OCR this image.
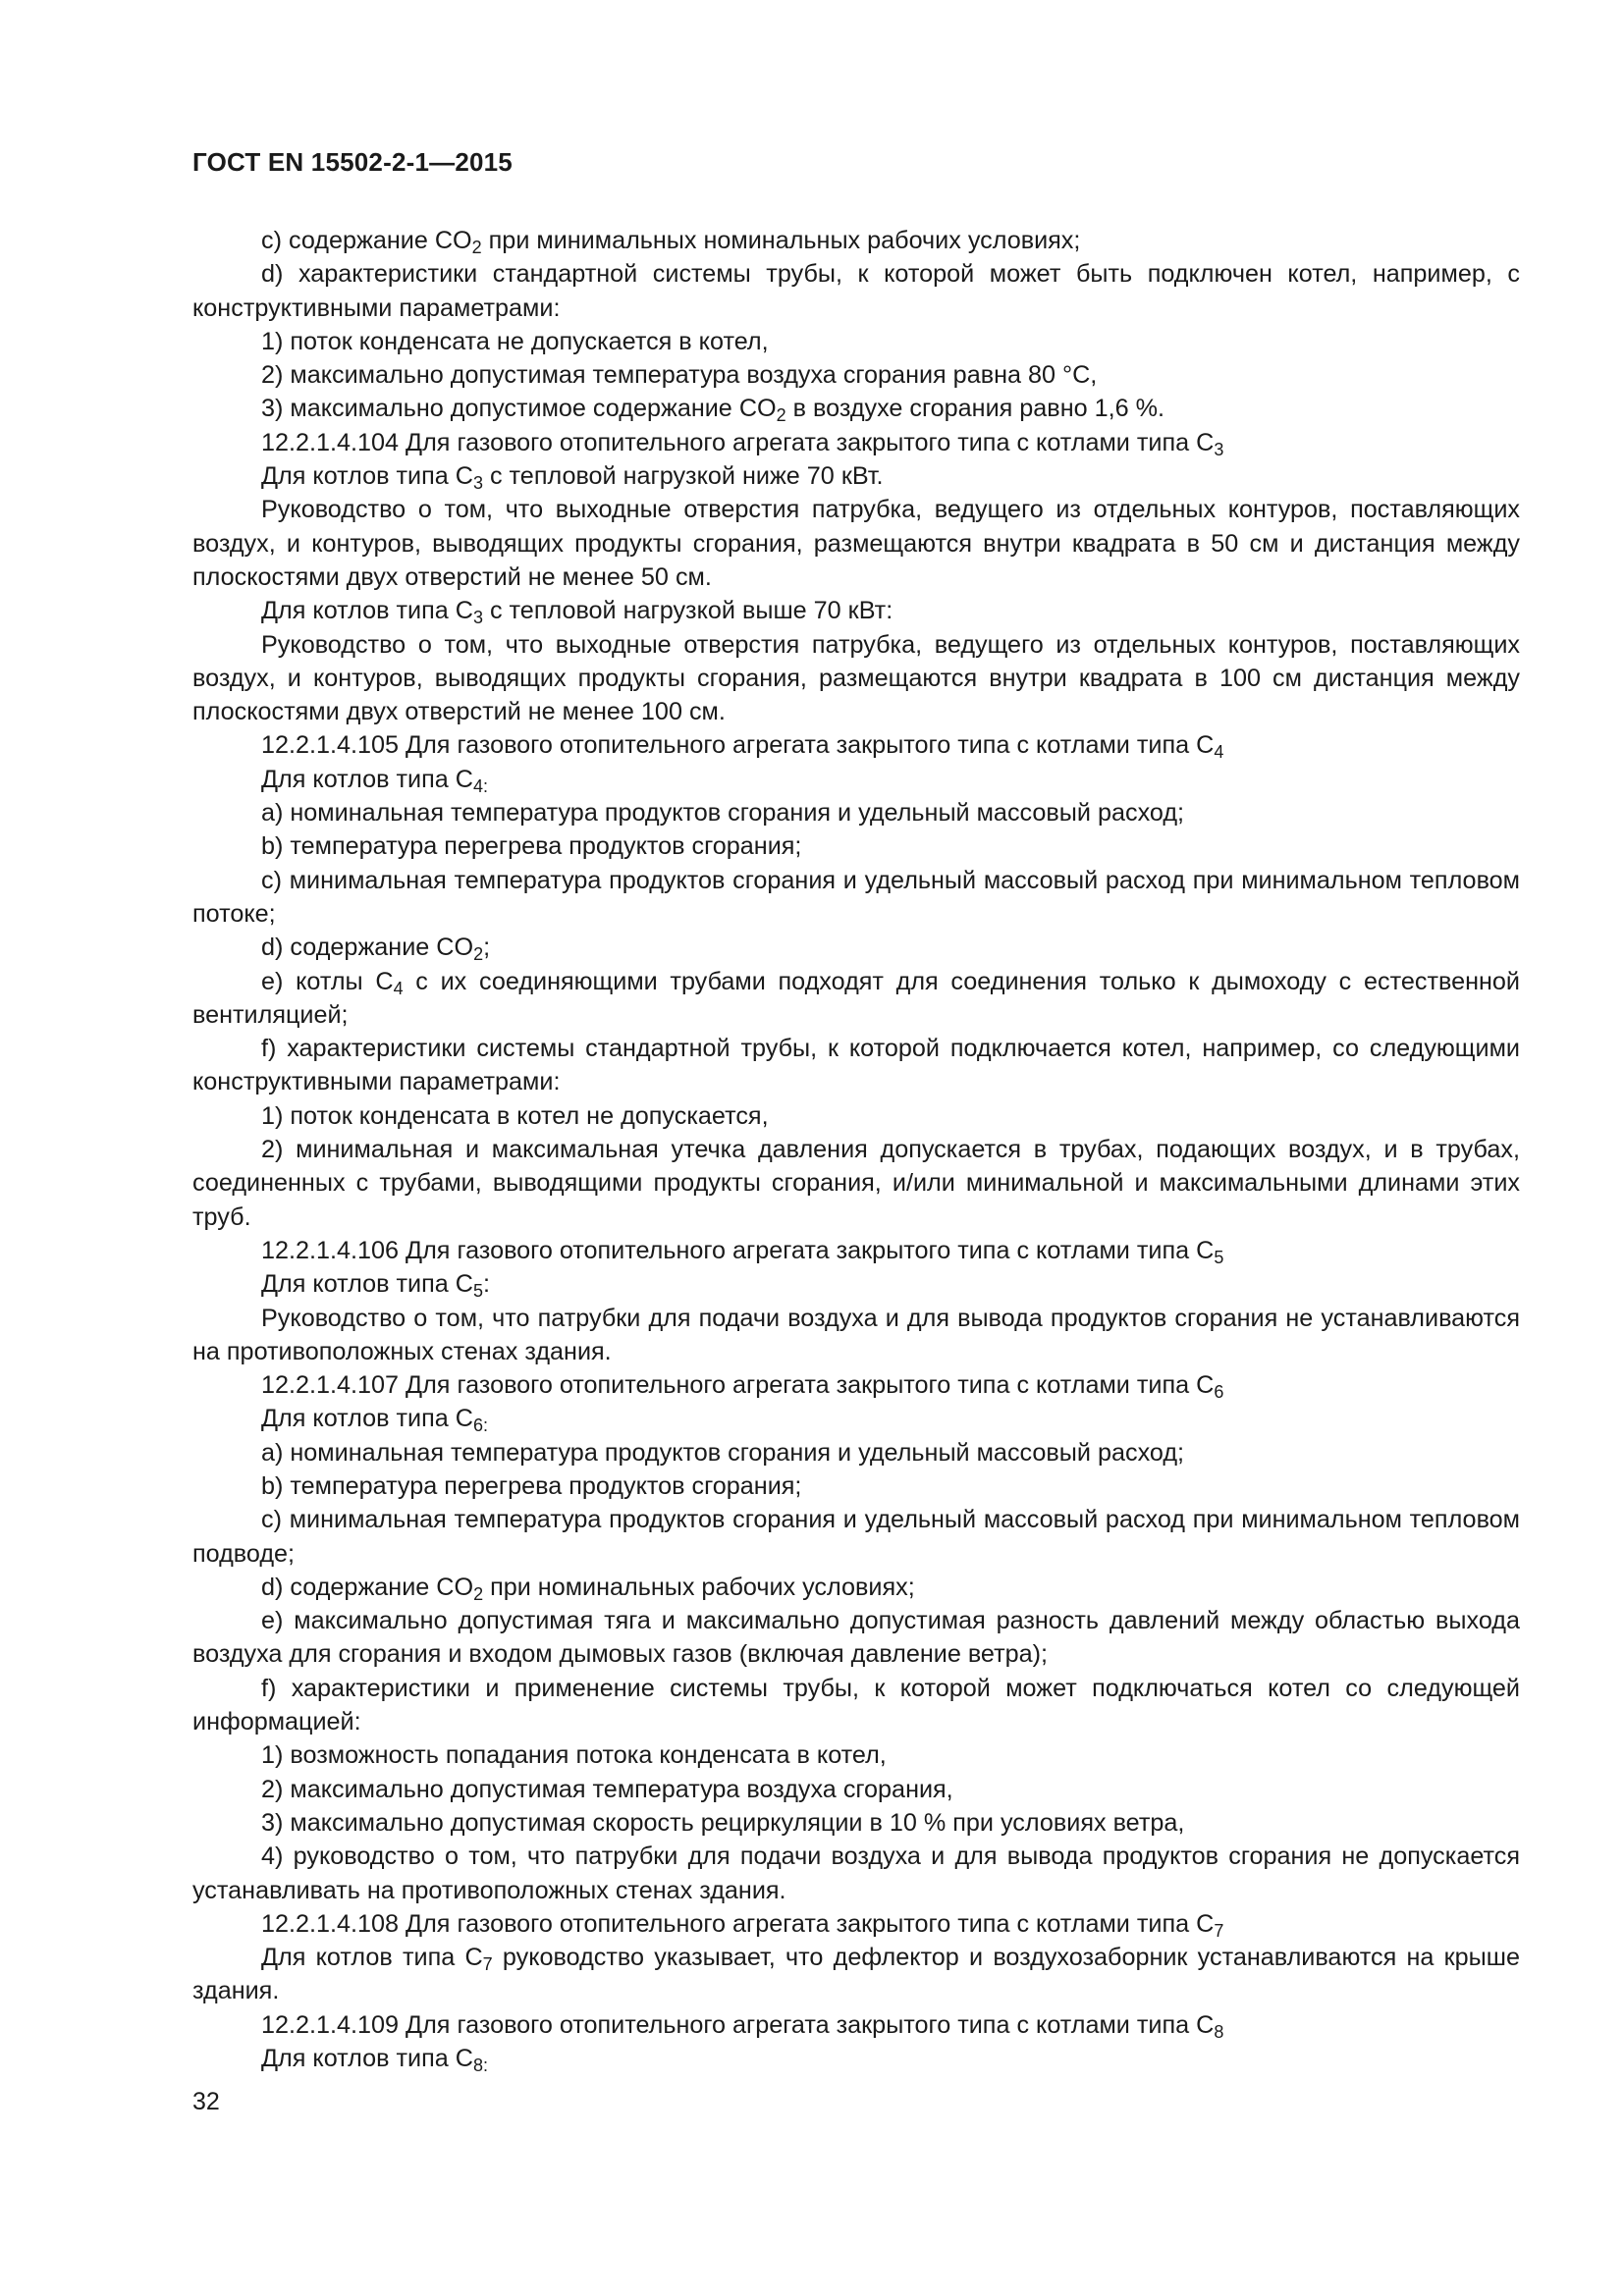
ГОСТ EN 15502-2-1—2015

c) содержание $CO_2$ при минимальных номинальных рабочих условиях;

d) характеристики стандартной системы трубы, к которой может быть подключен котел, например, с конструктивными параметрами:

1) поток конденсата не допускается в котел,

2) максимально допустимая температура воздуха сгорания равна 80 °С,

3) максимально допустимое содержание $CO_2$ в воздухе сгорания равно 1,6 %.

12.2.1.4.104 Для газового отопительного агрегата закрытого типа с котлами типа $C_3$

Для котлов типа $C_3$ с тепловой нагрузкой ниже 70 кВт.

Руководство о том, что выходные отверстия патрубка, ведущего из отдельных контуров, поставляющих воздух, и контуров, выводящих продукты сгорания, размещаются внутри квадрата в 50 см и дистанция между плоскостями двух отверстий не менее 50 см.

Для котлов типа $C_3$ с тепловой нагрузкой выше 70 кВт:

Руководство о том, что выходные отверстия патрубка, ведущего из отдельных контуров, поставляющих воздух, и контуров, выводящих продукты сгорания, размещаются внутри квадрата в 100 см дистанция между плоскостями двух отверстий не менее 100 см.

12.2.1.4.105 Для газового отопительного агрегата закрытого типа с котлами типа $C_4$

Для котлов типа $C_{4:}$

a) номинальная температура продуктов сгорания и удельный массовый расход;

b) температура перегрева продуктов сгорания;

c) минимальная температура продуктов сгорания и удельный массовый расход при минимальном тепловом потоке;

d) содержание $CO_2$;

e) котлы $C_4$ с их соединяющими трубами подходят для соединения только к дымоходу с естественной вентиляцией;

f) характеристики системы стандартной трубы, к которой подключается котел, например, со следующими конструктивными параметрами:

1) поток конденсата в котел не допускается,

2) минимальная и максимальная утечка давления допускается в трубах, подающих воздух, и в трубах, соединенных с трубами, выводящими продукты сгорания, и/или минимальной и максимальными длинами этих труб.

12.2.1.4.106 Для газового отопительного агрегата закрытого типа с котлами типа $C_5$

Для котлов типа $C_5$:

Руководство о том, что патрубки для подачи воздуха и для вывода продуктов сгорания не устанавливаются на противоположных стенах здания.

12.2.1.4.107 Для газового отопительного агрегата закрытого типа с котлами типа $C_6$

Для котлов типа $C_{6:}$

a) номинальная температура продуктов сгорания и удельный массовый расход;

b) температура перегрева продуктов сгорания;

c) минимальная температура продуктов сгорания и удельный массовый расход при минимальном тепловом подводе;

d) содержание $CO_2$ при номинальных рабочих условиях;

e) максимально допустимая тяга и максимально допустимая разность давлений между областью выхода воздуха для сгорания и входом дымовых газов (включая давление ветра);

f) характеристики и применение системы трубы, к которой может подключаться котел со следующей информацией:

1) возможность попадания потока конденсата в котел,

2) максимально допустимая температура воздуха сгорания,

3) максимально допустимая скорость рециркуляции в 10 % при условиях ветра,

4) руководство о том, что патрубки для подачи воздуха и для вывода продуктов сгорания не допускается устанавливать на противоположных стенах здания.

12.2.1.4.108 Для газового отопительного агрегата закрытого типа с котлами типа $C_7$

Для котлов типа $C_7$ руководство указывает, что дефлектор и воздухозаборник устанавливаются на крыше здания.

12.2.1.4.109 Для газового отопительного агрегата закрытого типа с котлами типа $C_8$

Для котлов типа $C_{8:}$

32
